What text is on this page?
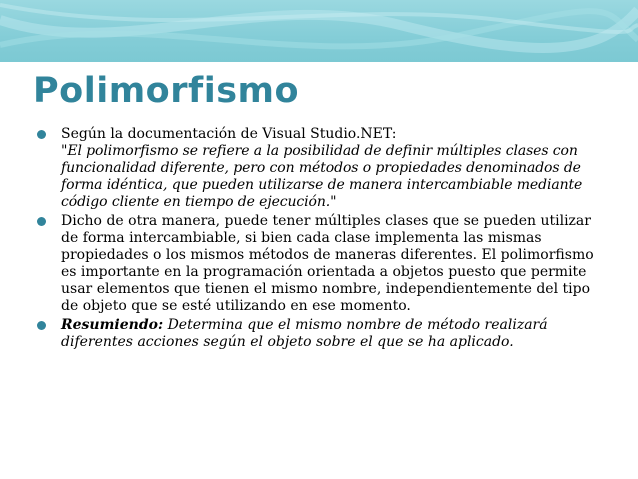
Polimorfismo
Según la documentación de Visual Studio.NET:
"El polimorfismo se refiere a la posibilidad de definir múltiples clases con funcionalidad diferente, pero con métodos o propiedades denominados de forma idéntica, que pueden utilizarse de manera intercambiable mediante código cliente en tiempo de ejecución."
Dicho de otra manera, puede tener múltiples clases que se pueden utilizar de forma intercambiable, si bien cada clase implementa las mismas propiedades o los mismos métodos de maneras diferentes. El polimorfismo es importante en la programación orientada a objetos puesto que permite usar elementos que tienen el mismo nombre, independientemente del tipo de objeto que se esté utilizando en ese momento.
Resumiendo: Determina que el mismo nombre de método realizará diferentes acciones según el objeto sobre el que se ha aplicado.
